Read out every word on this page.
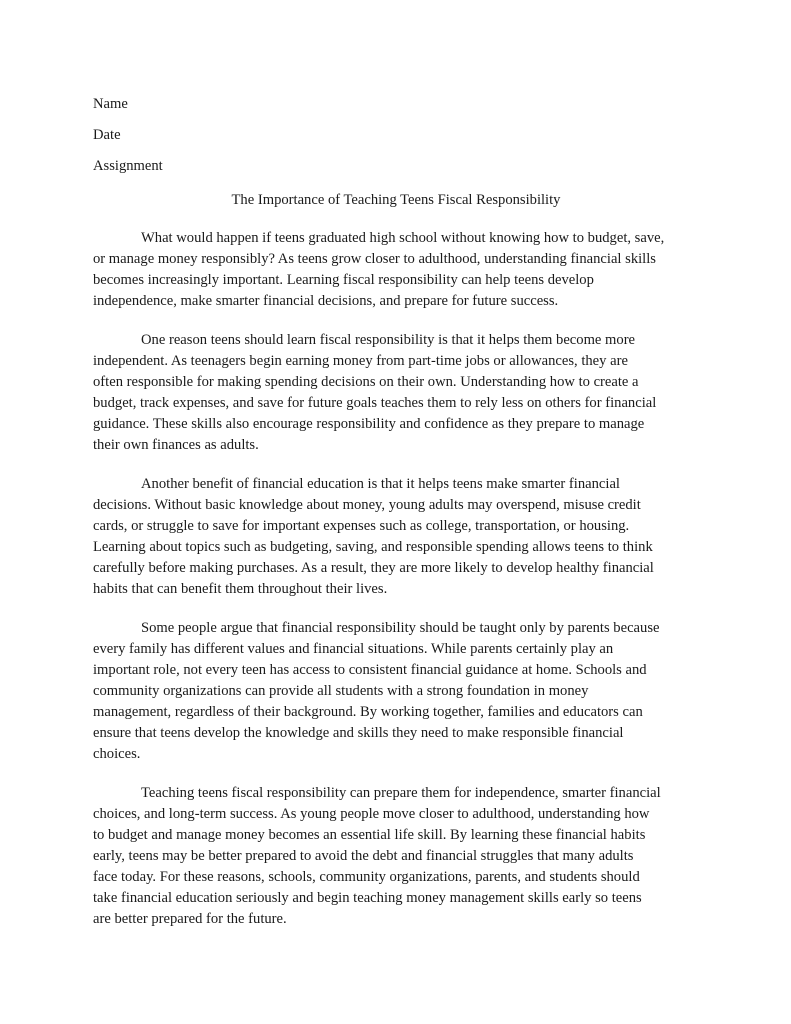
Name
Date
Assignment
The Importance of Teaching Teens Fiscal Responsibility
What would happen if teens graduated high school without knowing how to budget, save,
or manage money responsibly? As teens grow closer to adulthood, understanding financial skills
becomes increasingly important. Learning fiscal responsibility can help teens develop
independence, make smarter financial decisions, and prepare for future success.
One reason teens should learn fiscal responsibility is that it helps them become more
independent. As teenagers begin earning money from part-time jobs or allowances, they are
often responsible for making spending decisions on their own. Understanding how to create a
budget, track expenses, and save for future goals teaches them to rely less on others for financial
guidance. These skills also encourage responsibility and confidence as they prepare to manage
their own finances as adults.
Another benefit of financial education is that it helps teens make smarter financial
decisions. Without basic knowledge about money, young adults may overspend, misuse credit
cards, or struggle to save for important expenses such as college, transportation, or housing.
Learning about topics such as budgeting, saving, and responsible spending allows teens to think
carefully before making purchases. As a result, they are more likely to develop healthy financial
habits that can benefit them throughout their lives.
Some people argue that financial responsibility should be taught only by parents because
every family has different values and financial situations. While parents certainly play an
important role, not every teen has access to consistent financial guidance at home. Schools and
community organizations can provide all students with a strong foundation in money
management, regardless of their background. By working together, families and educators can
ensure that teens develop the knowledge and skills they need to make responsible financial
choices.
Teaching teens fiscal responsibility can prepare them for independence, smarter financial
choices, and long-term success. As young people move closer to adulthood, understanding how
to budget and manage money becomes an essential life skill. By learning these financial habits
early, teens may be better prepared to avoid the debt and financial struggles that many adults
face today. For these reasons, schools, community organizations, parents, and students should
take financial education seriously and begin teaching money management skills early so teens
are better prepared for the future.
